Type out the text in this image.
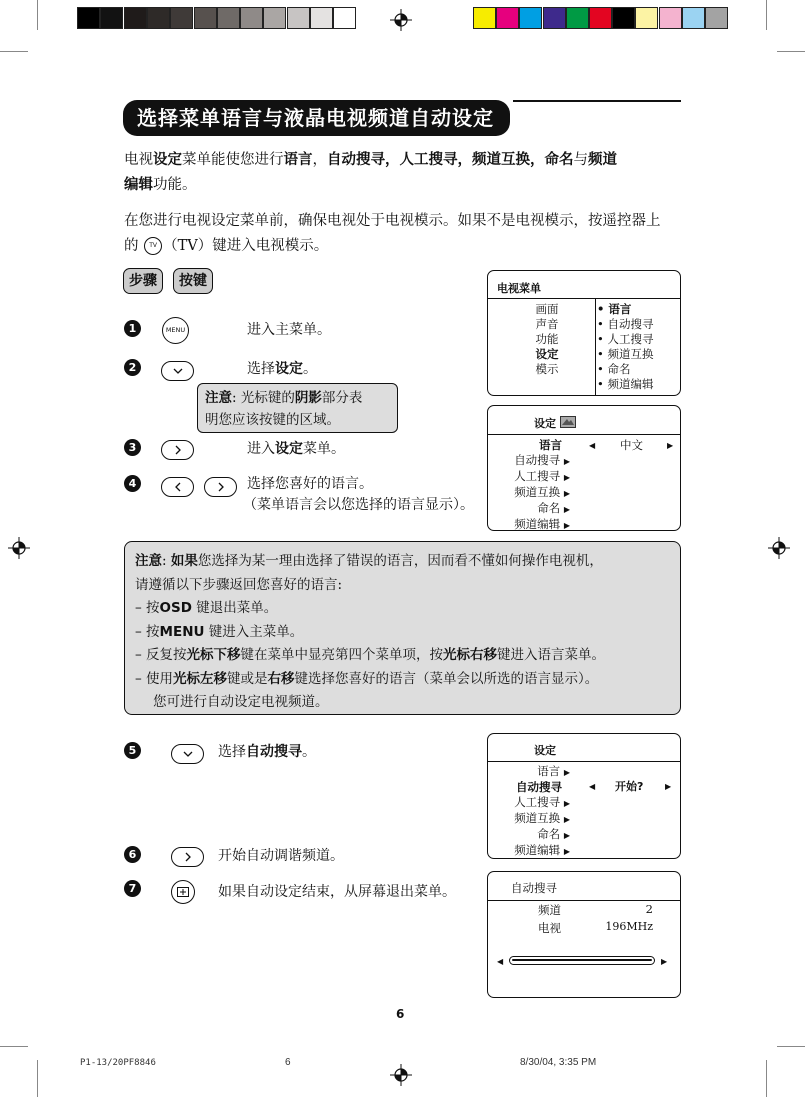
选择菜单语言与液晶电视频道自动设定
电视设定菜单能使您进行语言，自动搜寻，人工搜寻，频道互换，命名与频道
编辑功能。
在您进行电视设定菜单前，确保电视处于电视模示。如果不是电视模示，按遥控器上
的 TV （TV）键进入电视模示。
步骤	按键
1	MENU	进入主菜单。
2	选择设定。
注意: 光标键的阴影部分表
明您应该按键的区域。
3	进入设定菜单。
4	选择您喜好的语言。
（菜单语言会以您选择的语言显示）。
电视菜单
画面
声音
功能
设定
模示
• 语言
• 自动搜寻
• 人工搜寻
• 频道互换
• 命名
• 频道编辑
设定
语言
自动搜寻 ▶
人工搜寻 ▶
频道互换 ▶
命名 ▶
频道编辑 ▶
◀ 中文	▶
注意: 如果您选择为某一理由选择了错误的语言，因而看不懂如何操作电视机，
请遵循以下步骤返回您喜好的语言:
– 按OSD 键退出菜单。
– 按MENU 键进入主菜单。
– 反复按光标下移键在菜单中显亮第四个菜单项，按光标右移键进入语言菜单。
– 使用光标左移键或是右移键选择您喜好的语言（菜单会以所选的语言显示）。
您可进行自动设定电视频道。
5	选择自动搜寻。
6	开始自动调谐频道。
7	如果自动设定结束，从屏幕退出菜单。
设定
语言 ▶
自动搜寻
人工搜寻 ▶
频道互换 ▶
命名 ▶
频道编辑 ▶
◀ 开始?	▶
自动搜寻
频道	2
电视	196MHz
◀	▶
6
P1-13/20PF8846	6	8/30/04, 3:35 PM
